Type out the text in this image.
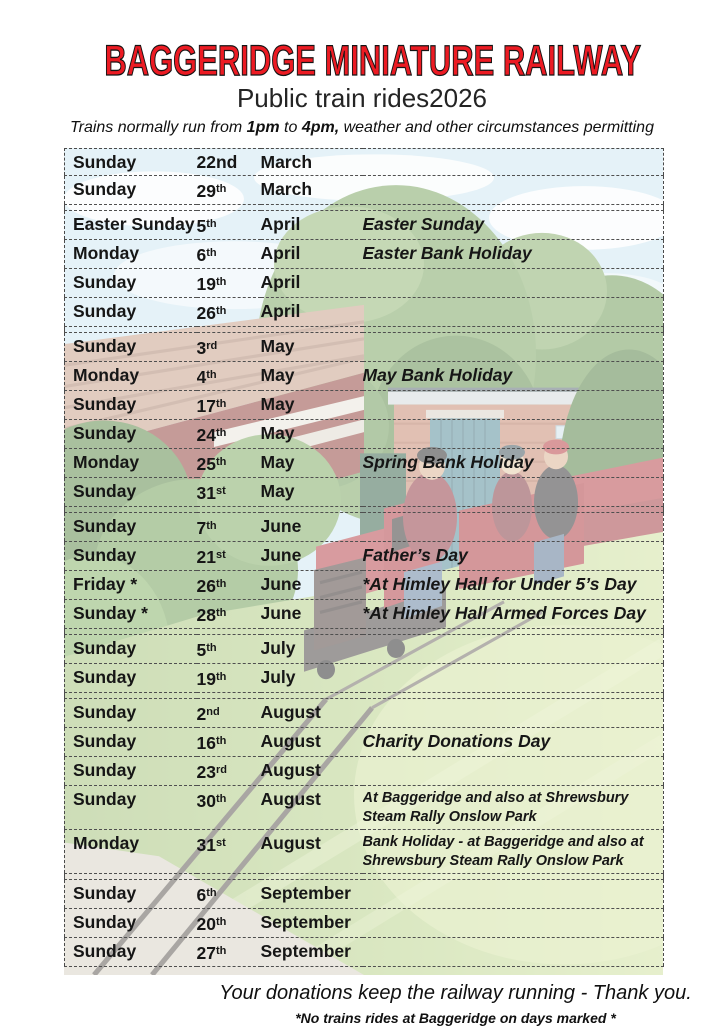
BAGGERIDGE MINIATURE RAILWAY
Public train rides2026

Trains normally run from 1pm to 4pm, weather and other circumstances permitting

Sunday	22nd	March	
Sunday	29th	March	

Easter Sunday	5th	April	Easter Sunday
Monday	6th	April	Easter Bank Holiday
Sunday	19th	April	
Sunday	26th	April	

Sunday	3rd	May	
Monday	4th	May	May Bank Holiday
Sunday	17th	May	
Sunday	24th	May	
Monday	25th	May	Spring Bank Holiday
Sunday	31st	May	

Sunday	7th	June	
Sunday	21st	June	Father’s Day
Friday *	26th	June	*At Himley Hall for Under 5’s Day
Sunday *	28th	June	*At Himley Hall Armed Forces Day

Sunday	5th	July	
Sunday	19th	July	

Sunday	2nd	August	
Sunday	16th	August	Charity Donations Day
Sunday	23rd	August	
Sunday	30th	August	At Baggeridge and also at Shrewsbury
Steam Rally Onslow Park
Monday	31st	August	Bank Holiday - at Baggeridge and also at
Shrewsbury Steam Rally Onslow Park

Sunday	6th	September	
Sunday	20th	September	
Sunday	27th	September	

Your donations keep the railway running - Thank you.

*No trains rides at Baggeridge on days marked *
